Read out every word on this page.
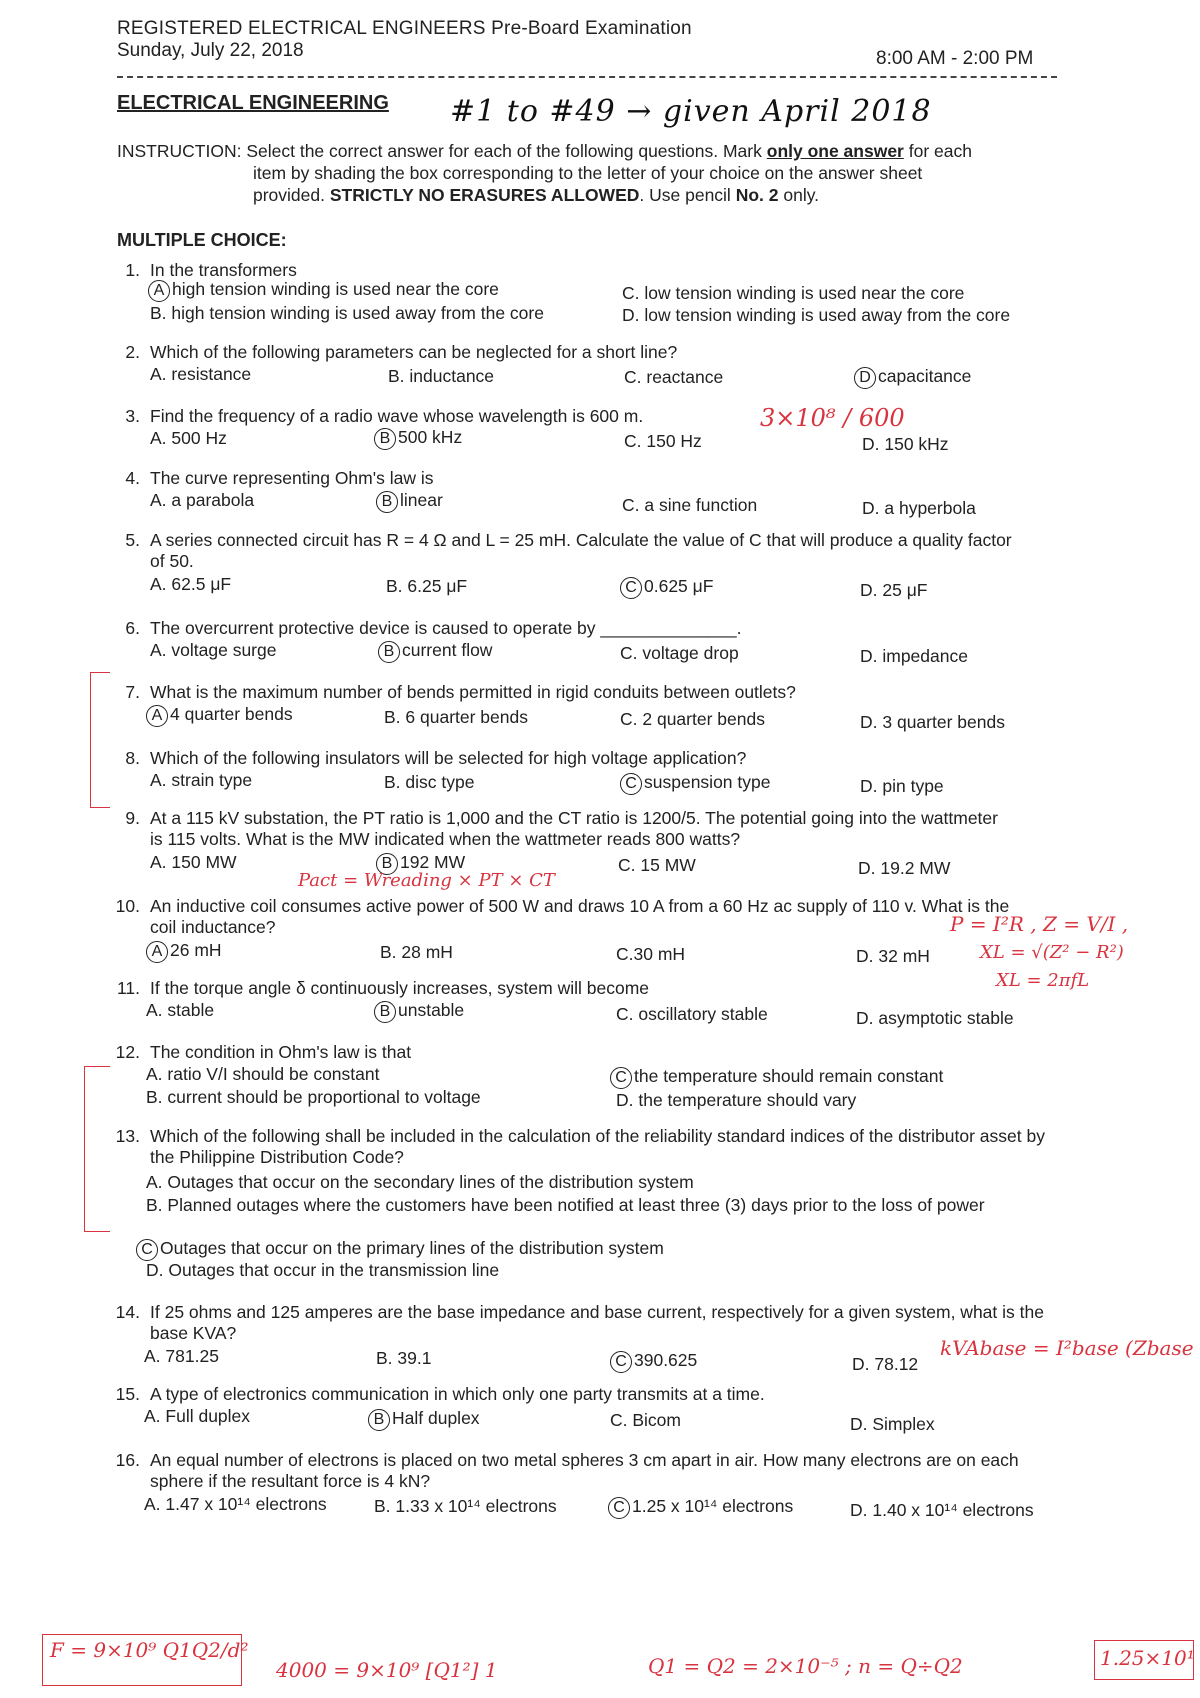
REGISTERED ELECTRICAL ENGINEERS Pre-Board Examination
Sunday, July 22, 2018	8:00 AM - 2:00 PM
ELECTRICAL ENGINEERING #1 to #49 → given April 2018
INSTRUCTION: Select the correct answer for each of the following questions. Mark only one answer for each
item by shading the box corresponding to the letter of your choice on the answer sheet
provided. STRICTLY NO ERASURES ALLOWED. Use pencil No. 2 only.
MULTIPLE CHOICE:
1. In the transformers
A high tension winding is used near the core
B. high tension winding is used away from the core
C. low tension winding is used near the core
D. low tension winding is used away from the core
2. Which of the following parameters can be neglected for a short line?
A. resistance	B. inductance	C. reactance	D capacitance
3. Find the frequency of a radio wave whose wavelength is 600 m.
A. 500 Hz	B 500 kHz	C. 150 Hz	D. 150 kHz
4. The curve representing Ohm's law is
A. a parabola	B linear	C. a sine function	D. a hyperbola
5. A series connected circuit has R = 4 Ω and L = 25 mH. Calculate the value of C that will produce a quality factor of 50.
A. 62.5 μF	B. 6.25 μF	C 0.625 μF	D. 25 μF
6. The overcurrent protective device is caused to operate by ______________.
A. voltage surge	B current flow	C. voltage drop	D. impedance
7. What is the maximum number of bends permitted in rigid conduits between outlets?
A 4 quarter bends	B. 6 quarter bends	C. 2 quarter bends	D. 3 quarter bends
8. Which of the following insulators will be selected for high voltage application?
A. strain type	B. disc type	C suspension type	D. pin type
9. At a 115 kV substation, the PT ratio is 1,000 and the CT ratio is 1200/5. The potential going into the wattmeter is 115 volts. What is the MW indicated when the wattmeter reads 800 watts?
A. 150 MW	B 192 MW	C. 15 MW	D. 19.2 MW
10. An inductive coil consumes active power of 500 W and draws 10 A from a 60 Hz ac supply of 110 v. What is the coil inductance?
A 26 mH	B. 28 mH	C.30 mH	D. 32 mH
11. If the torque angle δ continuously increases, system will become
A. stable	B unstable	C. oscillatory stable	D. asymptotic stable
12. The condition in Ohm's law is that
A. ratio V/I should be constant
B. current should be proportional to voltage
C the temperature should remain constant
D. the temperature should vary
13. Which of the following shall be included in the calculation of the reliability standard indices of the distributor asset by the Philippine Distribution Code?
A. Outages that occur on the secondary lines of the distribution system
B. Planned outages where the customers have been notified at least three (3) days prior to the loss of power
C Outages that occur on the primary lines of the distribution system
D. Outages that occur in the transmission line
14. If 25 ohms and 125 amperes are the base impedance and base current, respectively for a given system, what is the base KVA?
A. 781.25	B. 39.1	C 390.625	D. 78.12
15. A type of electronics communication in which only one party transmits at a time.
A. Full duplex	B Half duplex	C. Bicom	D. Simplex
16. An equal number of electrons is placed on two metal spheres 3 cm apart in air. How many electrons are on each sphere if the resultant force is 4 kN?
A. 1.47 x 10¹⁴ electrons	B. 1.33 x 10¹⁴ electrons	C 1.25 x 10¹⁴ electrons	D. 1.40 x 10¹⁴ electrons
3×10⁸ / 600
Pact = Wreading × PT × CT
P = I²R , Z = V/I ,
XL = √(Z² − R²)
XL = 2πfL
kVAbase = I²base (Zbase
F = 9×10⁹ Q1Q2/d²
4000 = 9×10⁹ [Q1²] 1	Q1 = Q2 = 2×10⁻⁵ ; n = Q÷Q2	1.25×10¹
